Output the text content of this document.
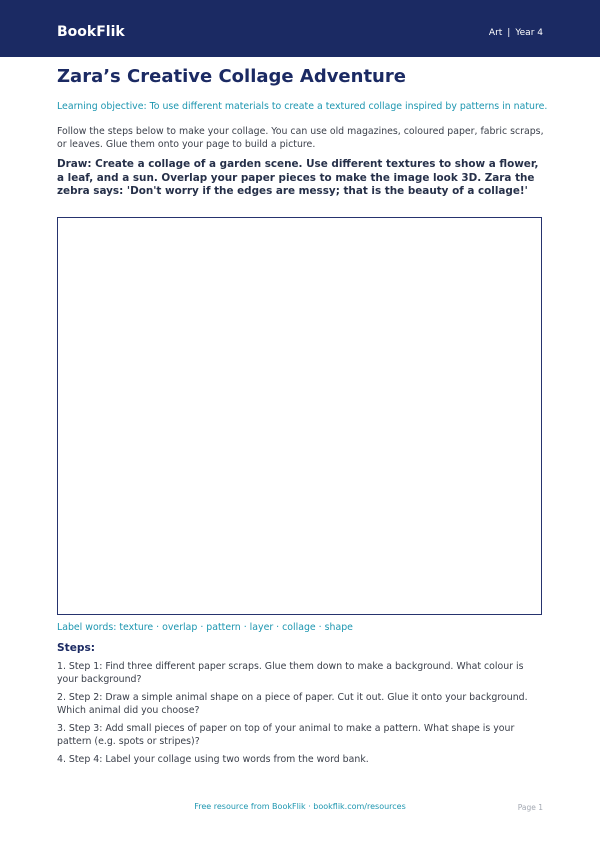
BookFlik	Art | Year 4
Zara’s Creative Collage Adventure

Learning objective: To use different materials to create a textured collage inspired by patterns in nature.

Follow the steps below to make your collage. You can use old magazines, coloured paper, fabric scraps, or leaves. Glue them onto your page to build a picture.

Draw: Create a collage of a garden scene. Use different textures to show a flower, a leaf, and a sun. Overlap your paper pieces to make the image look 3D. Zara the zebra says: 'Don't worry if the edges are messy; that is the beauty of a collage!'

Label words: texture · overlap · pattern · layer · collage · shape

Steps:
1. Step 1: Find three different paper scraps. Glue them down to make a background. What colour is your background?
2. Step 2: Draw a simple animal shape on a piece of paper. Cut it out. Glue it onto your background. Which animal did you choose?
3. Step 3: Add small pieces of paper on top of your animal to make a pattern. What shape is your pattern (e.g. spots or stripes)?
4. Step 4: Label your collage using two words from the word bank.
Free resource from BookFlik · bookflik.com/resources	Page 1
